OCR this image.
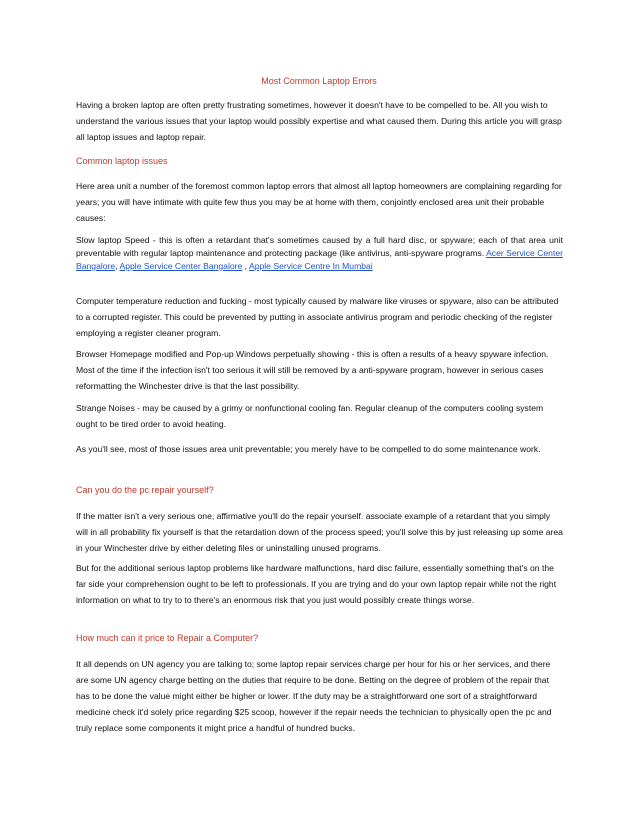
Most Common Laptop Errors

Having a broken laptop are often pretty frustrating sometimes, however it doesn't have to be compelled to be. All you wish to understand the various issues that your laptop would possibly expertise and what caused them. During this article you will grasp all laptop issues and laptop repair.

Common laptop issues

Here area unit a number of the foremost common laptop errors that almost all laptop homeowners are complaining regarding for years; you will have intimate with quite few thus you may be at home with them, conjointly enclosed area unit their probable causes:

Slow laptop Speed - this is often a retardant that's sometimes caused by a full hard disc, or spyware; each of that area unit preventable with regular laptop maintenance and protecting package (like antivirus, anti-spyware programs. Acer Service Center Bangalore, Apple Service Center Bangalore , Apple Service Centre In Mumbai

Computer temperature reduction and fucking - most typically caused by malware like viruses or spyware, also can be attributed to a corrupted register. This could be prevented by putting in associate antivirus program and periodic checking of the register employing a register cleaner program.

Browser Homepage modified and Pop-up Windows perpetually showing - this is often a results of a heavy spyware infection. Most of the time if the infection isn't too serious it will still be removed by a anti-spyware program, however in serious cases reformatting the Winchester drive is that the last possibility.

Strange Noises - may be caused by a grimy or nonfunctional cooling fan. Regular cleanup of the computers cooling system ought to be tired order to avoid heating.

As you'll see, most of those issues area unit preventable; you merely have to be compelled to do some maintenance work.

Can you do the pc repair yourself?

If the matter isn't a very serious one, affirmative you'll do the repair yourself. associate example of a retardant that you simply will in all probability fix yourself is that the retardation down of the process speed; you'll solve this by just releasing up some area in your Winchester drive by either deleting files or uninstalling unused programs.

But for the additional serious laptop problems like hardware malfunctions, hard disc failure, essentially something that's on the far side your comprehension ought to be left to professionals. If you are trying and do your own laptop repair while not the right information on what to try to to there's an enormous risk that you just would possibly create things worse.

How much can it price to Repair a Computer?

It all depends on UN agency you are talking to; some laptop repair services charge per hour for his or her services, and there are some UN agency charge betting on the duties that require to be done. Betting on the degree of problem of the repair that has to be done the value might either be higher or lower. If the duty may be a straightforward one sort of a straightforward medicine check it'd solely price regarding $25 scoop, however if the repair needs the technician to physically open the pc and truly replace some components it might price a handful of hundred bucks.
